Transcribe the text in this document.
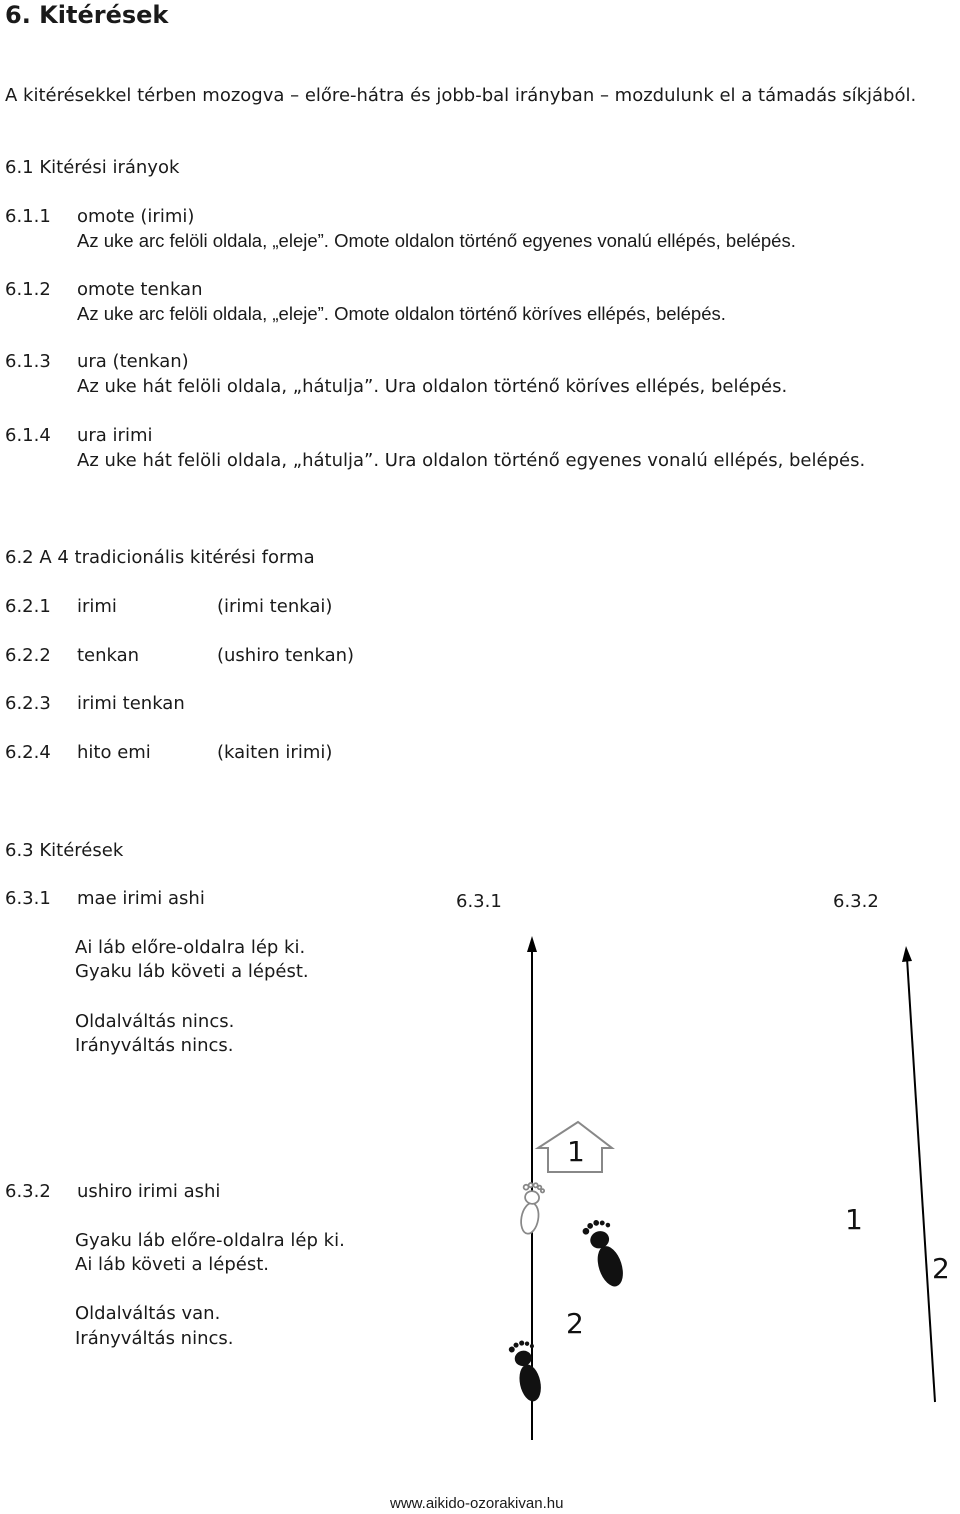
6. Kitérések
A kitérésekkel térben mozogva – előre-hátra és jobb-bal irányban – mozdulunk el a támadás síkjából.
6.1 Kitérési irányok
6.1.1 omote (irimi)
Az uke arc felöli oldala, „eleje”. Omote oldalon történő egyenes vonalú ellépés, belépés.
6.1.2 omote tenkan
Az uke arc felöli oldala, „eleje”. Omote oldalon történő köríves ellépés, belépés.
6.1.3 ura (tenkan)
Az uke hát felöli oldala, „hátulja”. Ura oldalon történő köríves ellépés, belépés.
6.1.4 ura irimi
Az uke hát felöli oldala, „hátulja”. Ura oldalon történő egyenes vonalú ellépés, belépés.
6.2 A 4 tradicionális kitérési forma
6.2.1 irimi	(irimi tenkai)
6.2.2 tenkan	(ushiro tenkan)
6.2.3 irimi tenkan
6.2.4 hito emi	(kaiten irimi)
6.3 Kitérések
6.3.1 mae irimi ashi
Ai láb előre-oldalra lép ki.
Gyaku láb követi a lépést.
Oldalváltás nincs.
Irányváltás nincs.
6.3.2 ushiro irimi ashi
Gyaku láb előre-oldalra lép ki.
Ai láb követi a lépést.
Oldalváltás van.
Irányváltás nincs.
6.3.1	6.3.2
1
2
1
2
www.aikido-ozorakivan.hu
